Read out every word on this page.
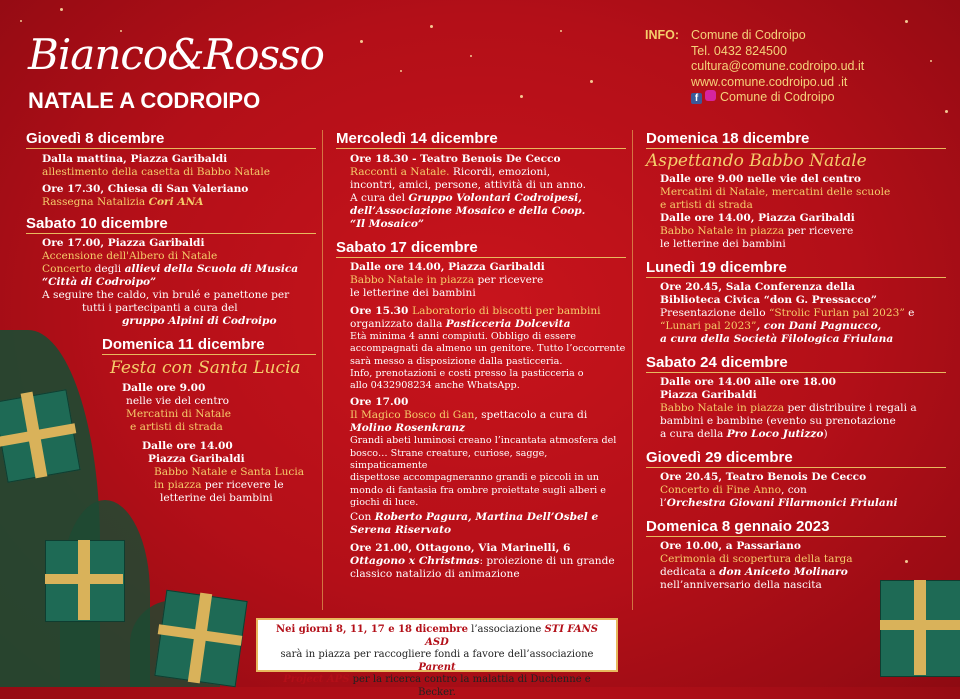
Bianco&Rosso
NATALE A CODROIPO
INFO: Comune di Codroipo
Tel. 0432 824500
cultura@comune.codroipo.ud.it
www.comune.codroipo.ud .it
f Comune di Codroipo
Giovedì 8 dicembre
Dalla mattina, Piazza Garibaldi
allestimento della casetta di Babbo Natale
Ore 17.30, Chiesa di San Valeriano
Rassegna Natalizia Cori ANA
Sabato 10 dicembre
Ore 17.00, Piazza Garibaldi
Accensione dell'Albero di Natale
Concerto degli allievi della Scuola di Musica
“Città di Codroipo”
A seguire the caldo, vin brulé e panettone per
tutti i partecipanti a cura del
gruppo Alpini di Codroipo
Domenica 11 dicembre
Festa con Santa Lucia
Dalle ore 9.00
nelle vie del centro
Mercatini di Natale
e artisti di strada
Dalle ore 14.00
Piazza Garibaldi
Babbo Natale e Santa Lucia
in piazza per ricevere le
letterine dei bambini
Mercoledì 14 dicembre
Ore 18.30 - Teatro Benois De Cecco
Racconti a Natale. Ricordi, emozioni,
incontri, amici, persone, attività di un anno.
A cura del Gruppo Volontari Codroipesi,
dell’Associazione Mosaico e della Coop.
“Il Mosaico”
Sabato 17 dicembre
Dalle ore 14.00, Piazza Garibaldi
Babbo Natale in piazza per ricevere
le letterine dei bambini
Ore 15.30 Laboratorio di biscotti per bambini
organizzato dalla Pasticceria Dolcevita
Età minima 4 anni compiuti. Obbligo di essere
accompagnati da almeno un genitore. Tutto l’occorrente
sarà messo a disposizione dalla pasticceria.
Info, prenotazioni e costi presso la pasticceria o
allo 0432908234 anche WhatsApp.
Ore 17.00
Il Magico Bosco di Gan, spettacolo a cura di
Molino Rosenkranz
Grandi abeti luminosi creano l’incantata atmosfera del
bosco… Strane creature, curiose, sagge, simpaticamente
dispettose accompagneranno grandi e piccoli in un
mondo di fantasia fra ombre proiettate sugli alberi e
giochi di luce.
Con Roberto Pagura, Martina Dell’Osbel e
Serena Riservato
Ore 21.00, Ottagono, Via Marinelli, 6
Ottagono x Christmas: proiezione di un grande
classico natalizio di animazione
Domenica 18 dicembre
Aspettando Babbo Natale
Dalle ore 9.00 nelle vie del centro
Mercatini di Natale, mercatini delle scuole
e artisti di strada
Dalle ore 14.00, Piazza Garibaldi
Babbo Natale in piazza per ricevere
le letterine dei bambini
Lunedì 19 dicembre
Ore 20.45, Sala Conferenza della
Biblioteca Civica “don G. Pressacco”
Presentazione dello “Strolic Furlan pal 2023” e
“Lunari pal 2023”, con Dani Pagnucco,
a cura della Società Filologica Friulana
Sabato 24 dicembre
Dalle ore 14.00 alle ore 18.00
Piazza Garibaldi
Babbo Natale in piazza per distribuire i regali a
bambini e bambine (evento su prenotazione
a cura della Pro Loco Jutizzo)
Giovedì 29 dicembre
Ore 20.45, Teatro Benois De Cecco
Concerto di Fine Anno, con
l’Orchestra Giovani Filarmonici Friulani
Domenica 8 gennaio 2023
Ore 10.00, a Passariano
Cerimonia di scopertura della targa
dedicata a don Aniceto Molinaro
nell’anniversario della nascita
Nei giorni 8, 11, 17 e 18 dicembre l’associazione STI FANS ASD
sarà in piazza per raccogliere fondi a favore dell’associazione Parent
Project APS per la ricerca contro la malattia di Duchenne e Becker.
